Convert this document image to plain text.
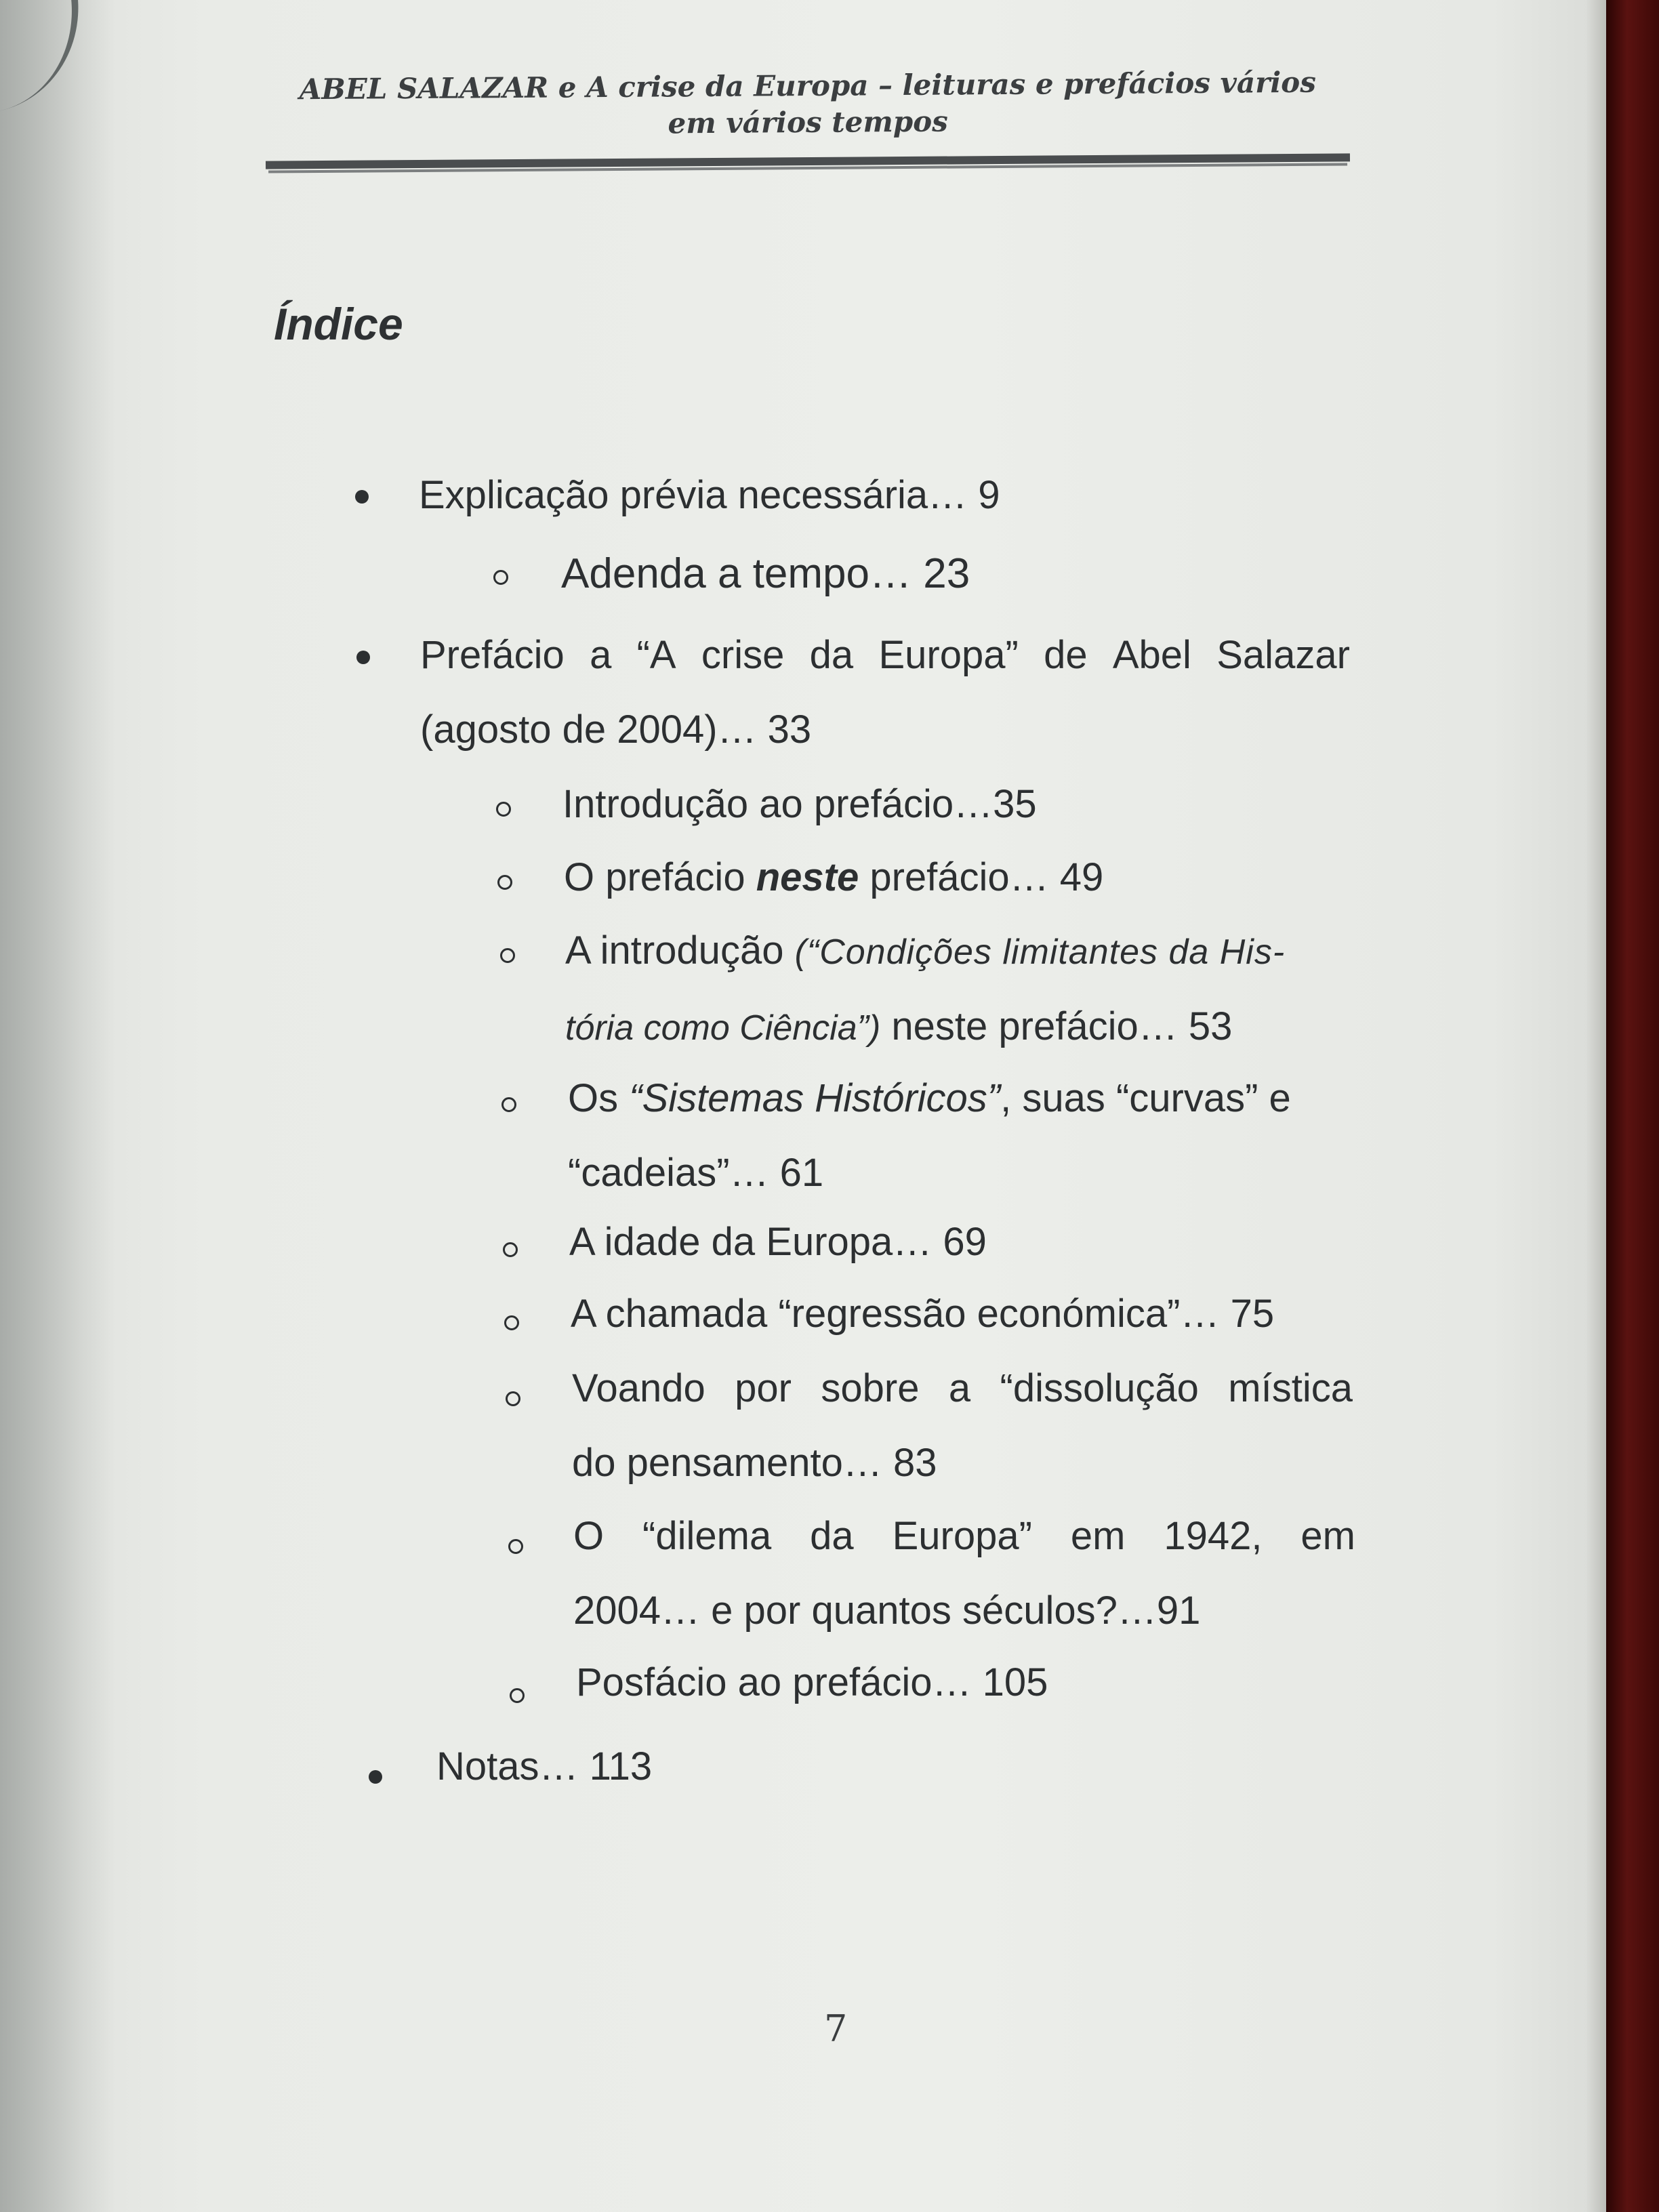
ABEL SALAZAR e A crise da Europa – leituras e prefácios vários
em vários tempos
Índice
Explicação prévia necessária… 9
Adenda a tempo… 23
Prefácio a “A crise da Europa” de Abel Salazar
(agosto de 2004)… 33
Introdução ao prefácio…35
O prefácio neste prefácio… 49
A introdução (“Condições limitantes da His-
tória como Ciência”) neste prefácio… 53
Os “Sistemas Históricos”, suas “curvas” e
“cadeias”… 61
A idade da Europa… 69
A chamada “regressão económica”… 75
Voando por sobre a “dissolução mística
do pensamento… 83
O “dilema da Europa” em 1942, em
2004… e por quantos séculos?…91
Posfácio ao prefácio… 105
Notas… 113
7
